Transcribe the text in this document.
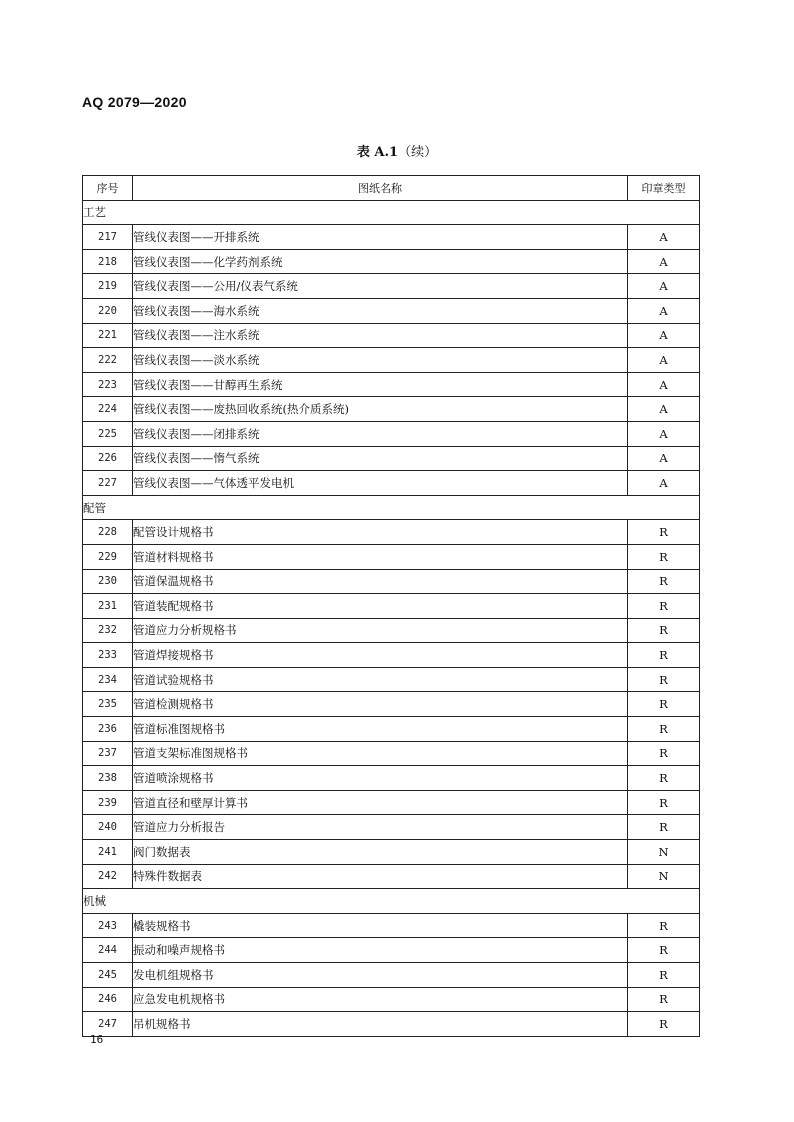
AQ 2079—2020
表 A.1（续）
序号	图纸名称	印章类型
工艺		
217	管线仪表图——开排系统	A
218	管线仪表图——化学药剂系统	A
219	管线仪表图——公用/仪表气系统	A
220	管线仪表图——海水系统	A
221	管线仪表图——注水系统	A
222	管线仪表图——淡水系统	A
223	管线仪表图——甘醇再生系统	A
224	管线仪表图——废热回收系统(热介质系统)	A
225	管线仪表图——闭排系统	A
226	管线仪表图——惰气系统	A
227	管线仪表图——气体透平发电机	A
配管		
228	配管设计规格书	R
229	管道材料规格书	R
230	管道保温规格书	R
231	管道装配规格书	R
232	管道应力分析规格书	R
233	管道焊接规格书	R
234	管道试验规格书	R
235	管道检测规格书	R
236	管道标准图规格书	R
237	管道支架标准图规格书	R
238	管道喷涂规格书	R
239	管道直径和壁厚计算书	R
240	管道应力分析报告	R
241	阀门数据表	N
242	特殊件数据表	N
机械		
243	橇装规格书	R
244	振动和噪声规格书	R
245	发电机组规格书	R
246	应急发电机规格书	R
247	吊机规格书	R
16
